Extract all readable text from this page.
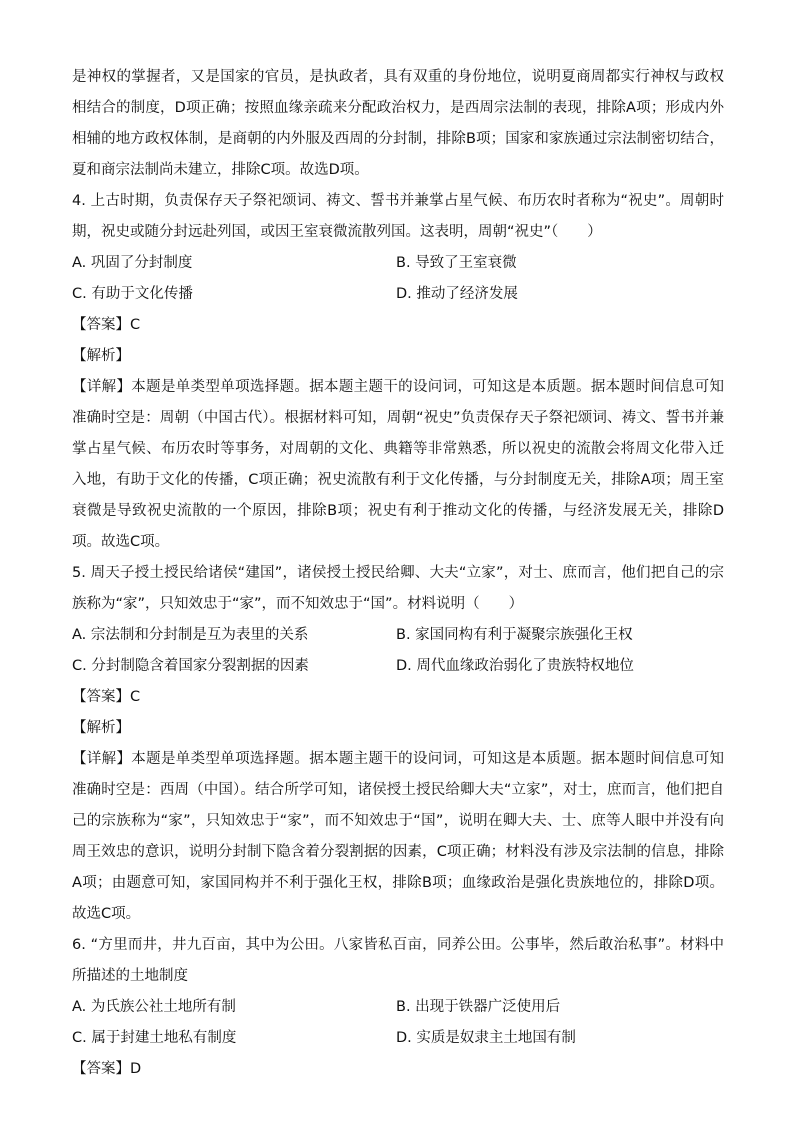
是神权的掌握者，又是国家的官员，是执政者，具有双重的身份地位，说明夏商周都实行神权与政权相结合的制度，D项正确；按照血缘亲疏来分配政治权力，是西周宗法制的表现，排除A项；形成内外相辅的地方政权体制，是商朝的内外服及西周的分封制，排除B项；国家和家族通过宗法制密切结合，夏和商宗法制尚未建立，排除C项。故选D项。

4. 上古时期，负责保存天子祭祀颂词、祷文、誓书并兼掌占星气候、布历农时者称为“祝史”。周朝时期，祝史或随分封远赴列国，或因王室衰微流散列国。这表明，周朝“祝史”（　　）

A. 巩固了分封制度	B. 导致了王室衰微
C. 有助于文化传播	D. 推动了经济发展

【答案】C

【解析】

【详解】本题是单类型单项选择题。据本题主题干的设问词，可知这是本质题。据本题时间信息可知准确时空是：周朝（中国古代）。根据材料可知，周朝“祝史”负责保存天子祭祀颂词、祷文、誓书并兼掌占星气候、布历农时等事务，对周朝的文化、典籍等非常熟悉，所以祝史的流散会将周文化带入迁入地，有助于文化的传播，C项正确；祝史流散有利于文化传播，与分封制度无关，排除A项；周王室衰微是导致祝史流散的一个原因，排除B项；祝史有利于推动文化的传播，与经济发展无关，排除D项。故选C项。

5. 周天子授土授民给诸侯“建国”，诸侯授土授民给卿、大夫“立家”，对士、庶而言，他们把自己的宗族称为“家”，只知效忠于“家”，而不知效忠于“国”。材料说明（　　）

A. 宗法制和分封制是互为表里的关系	B. 家国同构有利于凝聚宗族强化王权
C. 分封制隐含着国家分裂割据的因素	D. 周代血缘政治弱化了贵族特权地位

【答案】C

【解析】

【详解】本题是单类型单项选择题。据本题主题干的设问词，可知这是本质题。据本题时间信息可知准确时空是：西周（中国）。结合所学可知，诸侯授土授民给卿大夫“立家”，对士，庶而言，他们把自己的宗族称为“家”，只知效忠于“家”，而不知效忠于“国”，说明在卿大夫、士、庶等人眼中并没有向周王效忠的意识，说明分封制下隐含着分裂割据的因素，C项正确；材料没有涉及宗法制的信息，排除A项；由题意可知，家国同构并不利于强化王权，排除B项；血缘政治是强化贵族地位的，排除D项。故选C项。

6. “方里而井，井九百亩，其中为公田。八家皆私百亩，同养公田。公事毕，然后敢治私事”。材料中所描述的土地制度

A. 为氏族公社土地所有制	B. 出现于铁器广泛使用后
C. 属于封建土地私有制度	D. 实质是奴隶主土地国有制

【答案】D
